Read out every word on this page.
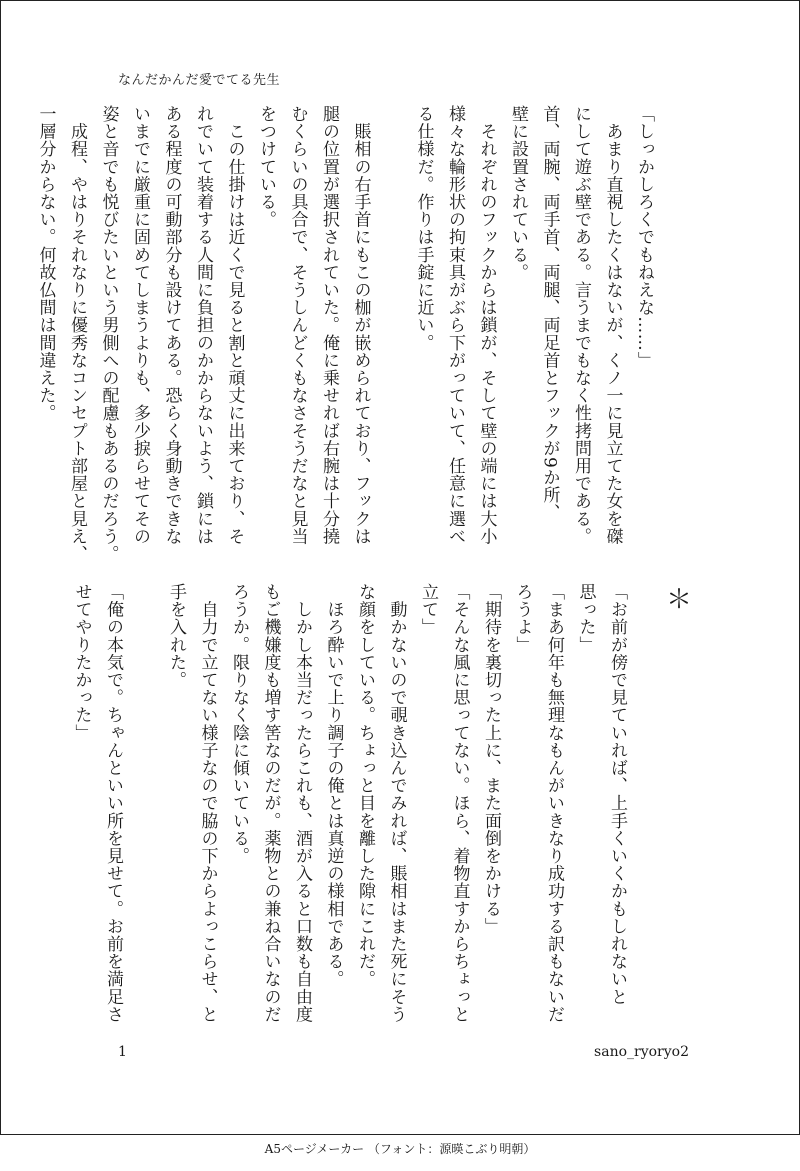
なんだかんだ愛でてる先生
「しっかしろくでもねえな……」
　あまり直視したくはないが、くノ一に見立てた女を磔
にして遊ぶ壁である。言うまでもなく性拷問用である。
首、両腕、両手首、両腿、両足首とフックが9か所、
壁に設置されている。
　それぞれのフックからは鎖が、そして壁の端には大小
様々な輪形状の拘束具がぶら下がっていて、任意に選べ
る仕様だ。作りは手錠に近い。

　賬相の右手首にもこの枷が嵌められており、フックは
腿の位置が選択されていた。俺に乗せれば右腕は十分撓
むくらいの具合で、そうしんどくもなさそうだなと見当
をつけている。
　この仕掛けは近くで見ると割と頑丈に出来ており、そ
れでいて装着する人間に負担のかからないよう、鎖には
ある程度の可動部分も設けてある。恐らく身動きできな
いまでに厳重に固めてしまうよりも、多少捩らせてその
姿と音でも悦びたいという男側への配慮もあるのだろう。
　成程、やはりそれなりに優秀なコンセプト部屋と見え、
一層分からない。何故仏間は間違えた。
＊
「お前が傍で見ていれば、上手くいくかもしれないと
思った」
「まあ何年も無理なもんがいきなり成功する訳もないだ
ろうよ」
「期待を裏切った上に、また面倒をかける」
「そんな風に思ってない。ほら、着物直すからちょっと
立て」
　動かないので覗き込んでみれば、賬相はまた死にそう
な顔をしている。ちょっと目を離した隙にこれだ。
　ほろ酔いで上り調子の俺とは真逆の様相である。
　しかし本当だったらこれも、酒が入ると口数も自由度
もご機嫌度も増す筈なのだが。薬物との兼ね合いなのだ
ろうか。限りなく陰に傾いている。
　自力で立てない様子なので脇の下からよっこらせ、と
手を入れた。

「俺の本気で。ちゃんといい所を見せて。お前を満足さ
せてやりたかった」
1	sano_ryoryo2
A5ページメーカー （フォント：源暎こぶり明朝）
